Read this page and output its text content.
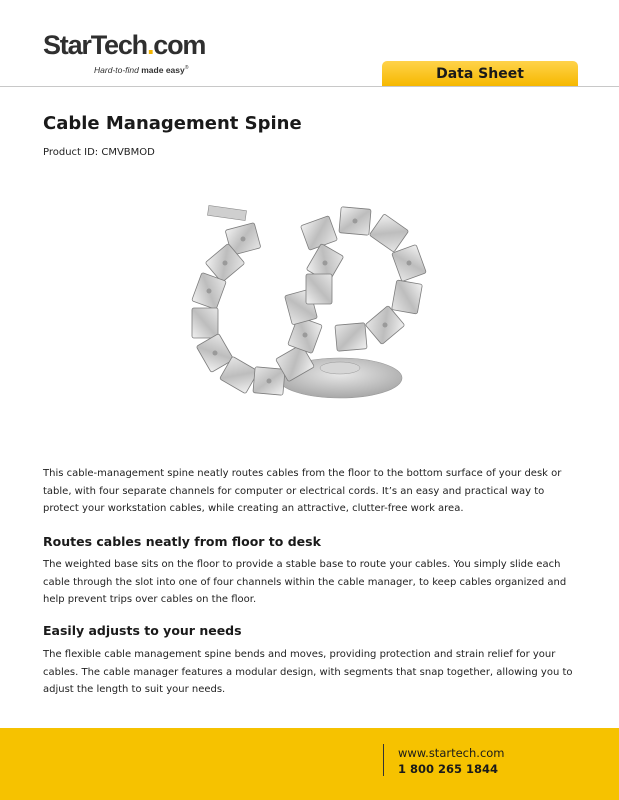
StarTech.com
Hard-to-find made easy®	Data Sheet
Cable Management Spine
Product ID: CMVBMOD

This cable-management spine neatly routes cables from the floor to the bottom surface of your desk or table, with four separate channels for computer or electrical cords. It’s an easy and practical way to protect your workstation cables, while creating an attractive, clutter-free work area.

Routes cables neatly from floor to desk

The weighted base sits on the floor to provide a stable base to route your cables. You simply slide each cable through the slot into one of four channels within the cable manager, to keep cables organized and help prevent trips over cables on the floor.

Easily adjusts to your needs

The flexible cable management spine bends and moves, providing protection and strain relief for your cables. The cable manager features a modular design, with segments that snap together, allowing you to adjust the length to suit your needs.

www.startech.com
1 800 265 1844
